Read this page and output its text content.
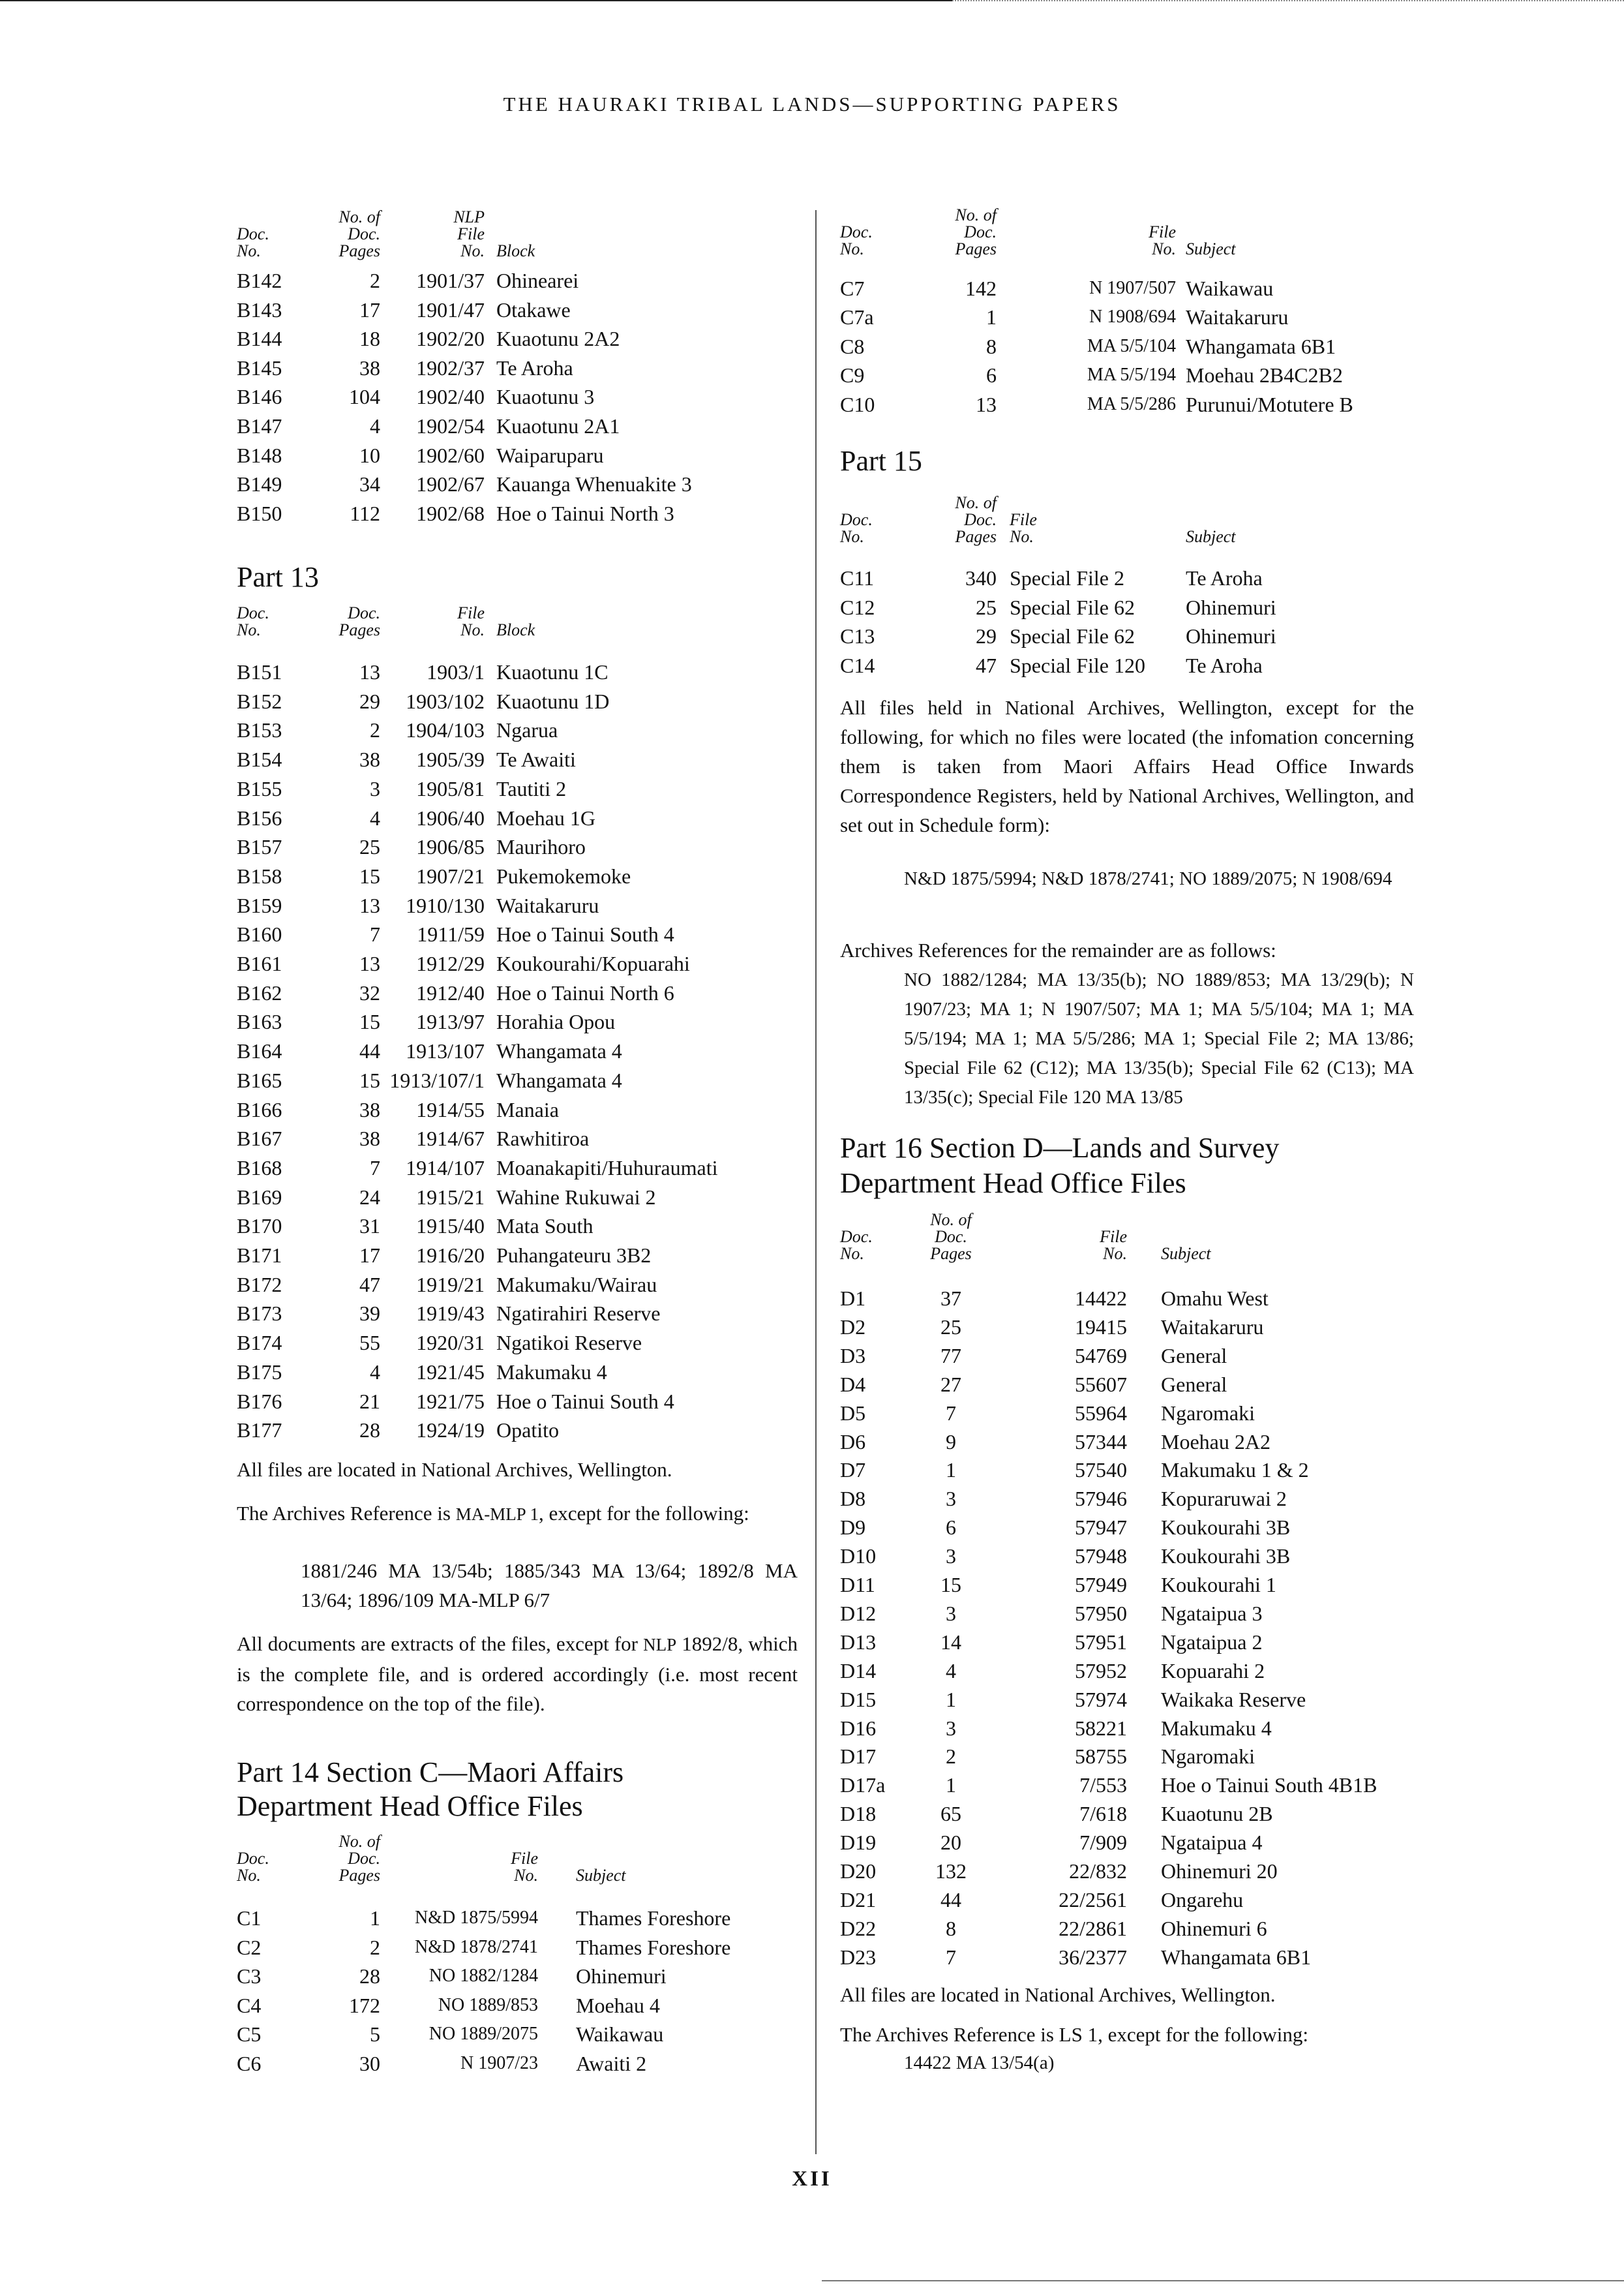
THE HAURAKI TRIBAL LANDS—SUPPORTING PAPERS
Doc.
No.
No. of
Doc.
Pages
NLP
File
No. Block
B142	2	1901/37 Ohinearei
B143	17	1901/47 Otakawe
B144	18	1902/20 Kuaotunu 2A2
B145	38	1902/37 Te Aroha
B146	104	1902/40 Kuaotunu 3
B147	4	1902/54 Kuaotunu 2A1
B148	10	1902/60 Waiparuparu
B149	34	1902/67 Kauanga Whenuakite 3
B150	112	1902/68 Hoe o Tainui North 3
Part 13
Doc.
No.
Doc.
Pages
File
No. Block
B151	13	1903/1 Kuaotunu 1C
B152	29	1903/102 Kuaotunu 1D
B153	2	1904/103 Ngarua
B154	38	1905/39 Te Awaiti
B155	3	1905/81 Tautiti 2
B156	4	1906/40 Moehau 1G
B157	25	1906/85 Maurihoro
B158	15	1907/21 Pukemokemoke
B159	13	1910/130 Waitakaruru
B160	7	1911/59 Hoe o Tainui South 4
B161	13	1912/29 Koukourahi/Kopuarahi
B162	32	1912/40 Hoe o Tainui North 6
B163	15	1913/97 Horahia Opou
B164	44	1913/107 Whangamata 4
B165	15 1913/107/1 Whangamata 4
B166	38	1914/55 Manaia
B167	38	1914/67 Rawhitiroa
B168	7	1914/107 Moanakapiti/Huhuraumati
B169	24	1915/21 Wahine Rukuwai 2
B170	31	1915/40 Mata South
B171	17	1916/20 Puhangateuru 3B2
B172	47	1919/21 Makumaku/Wairau
B173	39	1919/43 Ngatirahiri Reserve
B174	55	1920/31 Ngatikoi Reserve
B175	4	1921/45 Makumaku 4
B176	21	1921/75 Hoe o Tainui South 4
B177	28	1924/19 Opatito
All files are located in National Archives, Wellington.
The Archives Reference is MA-MLP 1, except for the following:
1881/246 MA 13/54b; 1885/343 MA 13/64; 1892/8 MA 13/64; 1896/109 MA-MLP 6/7
All documents are extracts of the files, except for NLP 1892/8, which is the complete file, and is ordered accordingly (i.e. most recent correspondence on the top of the file).
Part 14 Section C—Maori Affairs
Department Head Office Files
Doc.
No.
No. of
Doc.
Pages
File
No. Subject
C1	1	N&D 1875/5994 Thames Foreshore
C2	2	N&D 1878/2741 Thames Foreshore
C3	28	NO 1882/1284 Ohinemuri
C4	172	NO 1889/853 Moehau 4
C5	5	NO 1889/2075 Waikawau
C6	30	N 1907/23 Awaiti 2
Doc.
No.
No. of
Doc.
Pages
File
No. Subject
C7	142	N 1907/507 Waikawau
C7a	1	N 1908/694 Waitakaruru
C8	8	MA 5/5/104 Whangamata 6B1
C9	6	MA 5/5/194 Moehau 2B4C2B2
C10	13	MA 5/5/286 Purunui/Motutere B
Part 15
Doc.
No.
No. of
Doc.
Pages
File
No.	Subject
C11	340 Special File 2	Te Aroha
C12	25 Special File 62	Ohinemuri
C13	29 Special File 62	Ohinemuri
C14	47 Special File 120	Te Aroha
All files held in National Archives, Wellington, except for the following, for which no files were located (the infomation concerning them is taken from Maori Affairs Head Office Inwards Correspondence Registers, held by National Archives, Wellington, and set out in Schedule form):
N&D 1875/5994; N&D 1878/2741; NO 1889/2075; N 1908/694
Archives References for the remainder are as follows:
NO 1882/1284; MA 13/35(b); NO 1889/853; MA 13/29(b); N 1907/23; MA 1; N 1907/507; MA 1; MA 5/5/104; MA 1; MA 5/5/194; MA 1; MA 5/5/286; MA 1; Special File 2; MA 13/86; Special File 62 (C12); MA 13/35(b); Special File 62 (C13); MA 13/35(c); Special File 120 MA 13/85
Part 16 Section D—Lands and Survey
Department Head Office Files
Doc.
No.
No. of
Doc.
Pages
File
No. Subject
D1	37	14422 Omahu West
D2	25	19415 Waitakaruru
D3	77	54769 General
D4	27	55607 General
D5	7	55964 Ngaromaki
D6	9	57344 Moehau 2A2
D7	1	57540 Makumaku 1 & 2
D8	3	57946 Kopuraruwai 2
D9	6	57947 Koukourahi 3B
D10	3	57948 Koukourahi 3B
D11	15	57949 Koukourahi 1
D12	3	57950 Ngataipua 3
D13	14	57951 Ngataipua 2
D14	4	57952 Kopuarahi 2
D15	1	57974 Waikaka Reserve
D16	3	58221 Makumaku 4
D17	2	58755 Ngaromaki
D17a	1	7/553 Hoe o Tainui South 4B1B
D18	65	7/618 Kuaotunu 2B
D19	20	7/909 Ngataipua 4
D20	132	22/832 Ohinemuri 20
D21	44	22/2561 Ongarehu
D22	8	22/2861 Ohinemuri 6
D23	7	36/2377 Whangamata 6B1
All files are located in National Archives, Wellington.
The Archives Reference is LS 1, except for the following:
14422 MA 13/54(a)
XII
